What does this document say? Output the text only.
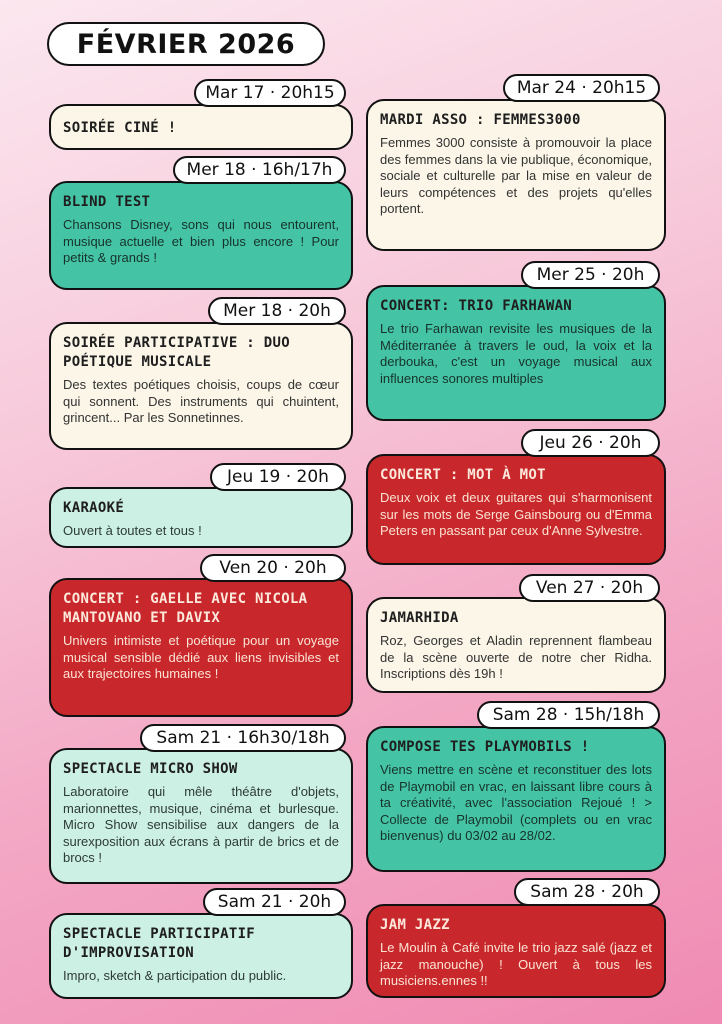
FÉVRIER 2026
SOIRÉE CINÉ !
Mar 17 · 20h15
BLIND TEST
Chansons Disney, sons qui nous entourent, musique actuelle et bien plus encore ! Pour petits & grands !
Mer 18 · 16h/17h
SOIRÉE PARTICIPATIVE : DUO POÉTIQUE MUSICALE
Des textes poétiques choisis, coups de cœur qui sonnent. Des instruments qui chuintent, grincent... Par les Sonnetinnes.
Mer 18 · 20h
KARAOKÉ
Ouvert à toutes et tous !
Jeu 19 · 20h
CONCERT : GAELLE AVEC NICOLA MANTOVANO ET DAVIX
Univers intimiste et poétique pour un voyage musical sensible dédié aux liens invisibles et aux trajectoires humaines !
Ven 20 · 20h
SPECTACLE MICRO SHOW
Laboratoire qui mêle théâtre d'objets, marionnettes, musique, cinéma et burlesque. Micro Show sensibilise aux dangers de la surexposition aux écrans à partir de brics et de brocs !
Sam 21 · 16h30/18h
SPECTACLE PARTICIPATIF D'IMPROVISATION
Impro, sketch & participation du public.
Sam 21 · 20h
MARDI ASSO : FEMMES3000
Femmes 3000 consiste à promouvoir la place des femmes dans la vie publique, économique, sociale et culturelle par la mise en valeur de leurs compétences et des projets qu'elles portent.
Mar 24 · 20h15
CONCERT: TRIO FARHAWAN
Le trio Farhawan revisite les musiques de la Méditerranée à travers le oud, la voix et la derbouka, c'est un voyage musical aux influences sonores multiples
Mer 25 · 20h
CONCERT : MOT À MOT
Deux voix et deux guitares qui s'harmonisent sur les mots de Serge Gainsbourg ou d'Emma Peters en passant par ceux d'Anne Sylvestre.
Jeu 26 · 20h
JAMARHIDA
Roz, Georges et Aladin reprennent flambeau de la scène ouverte de notre cher Ridha. Inscriptions dès 19h !
Ven 27 · 20h
COMPOSE TES PLAYMOBILS !
Viens mettre en scène et reconstituer des lots de Playmobil en vrac, en laissant libre cours à ta créativité, avec l'association Rejoué ! > Collecte de Playmobil (complets ou en vrac bienvenus) du 03/02 au 28/02.
Sam 28 · 15h/18h
JAM JAZZ
Le Moulin à Café invite le trio jazz salé (jazz et jazz manouche) ! Ouvert à tous les musiciens.ennes !!
Sam 28 · 20h
